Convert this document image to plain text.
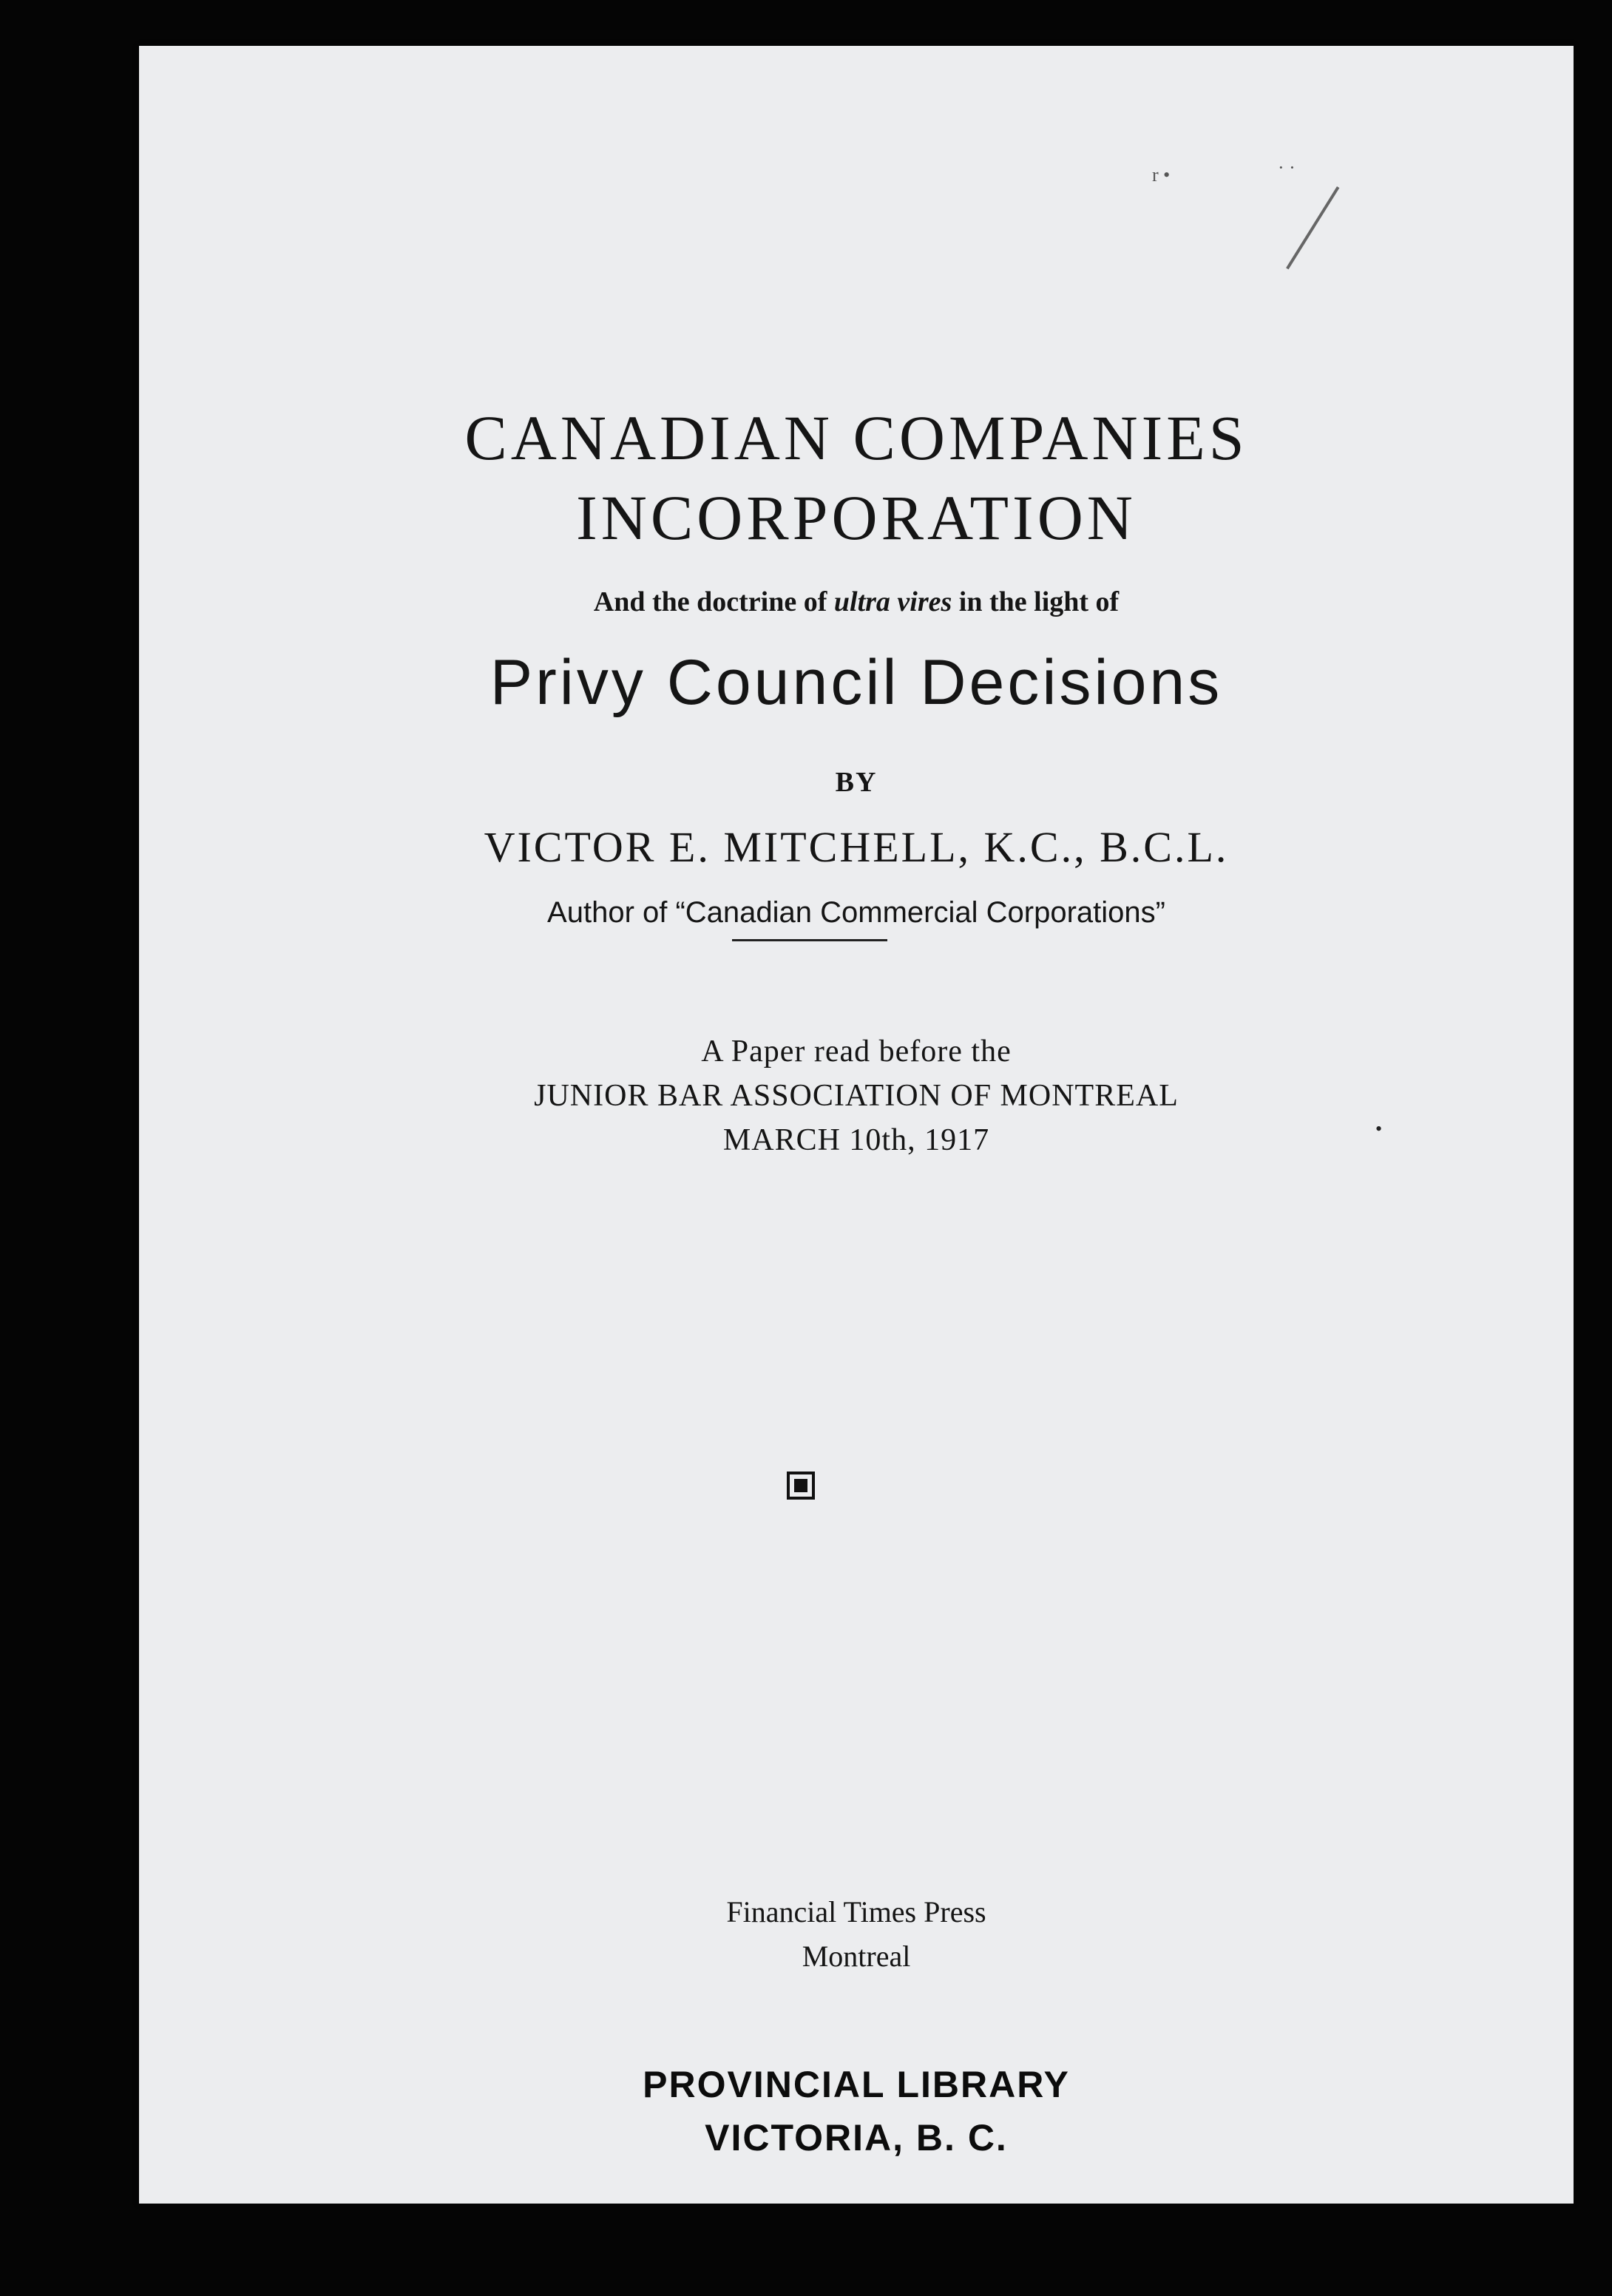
r •	· ·
CANADIAN COMPANIES
INCORPORATION
And the doctrine of ultra vires in the light of
Privy Council Decisions
BY
VICTOR E. MITCHELL, K.C., B.C.L.
Author of “Canadian Commercial Corporations”
A Paper read before the
JUNIOR BAR ASSOCIATION OF MONTREAL
MARCH 10th, 1917
Financial Times Press
Montreal
PROVINCIAL LIBRARY
VICTORIA, B. C.
•
